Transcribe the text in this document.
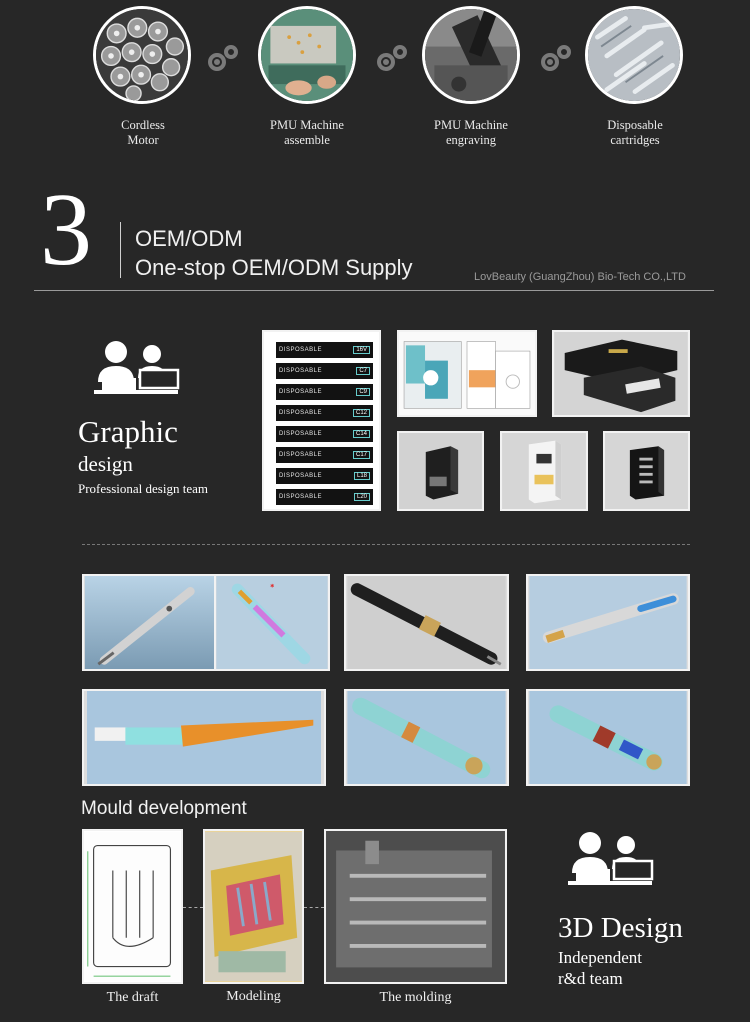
Cordless
Motor
PMU Machine
assemble
PMU Machine
engraving
Disposable
cartridges
3 OEM/ODM
One-stop OEM/ODM Supply	LovBeauty (GuangZhou) Bio-Tech CO.,LTD
Graphic
design
Professional design team
DISPOSABLE	16V
DISPOSABLE	C7
DISPOSABLE	C9
DISPOSABLE	C12
DISPOSABLE	C14
DISPOSABLE	C17
DISPOSABLE	L18
DISPOSABLE	L20
✱
Mould development
The draft	Modeling	The molding
3D Design
Independent
r&d team
